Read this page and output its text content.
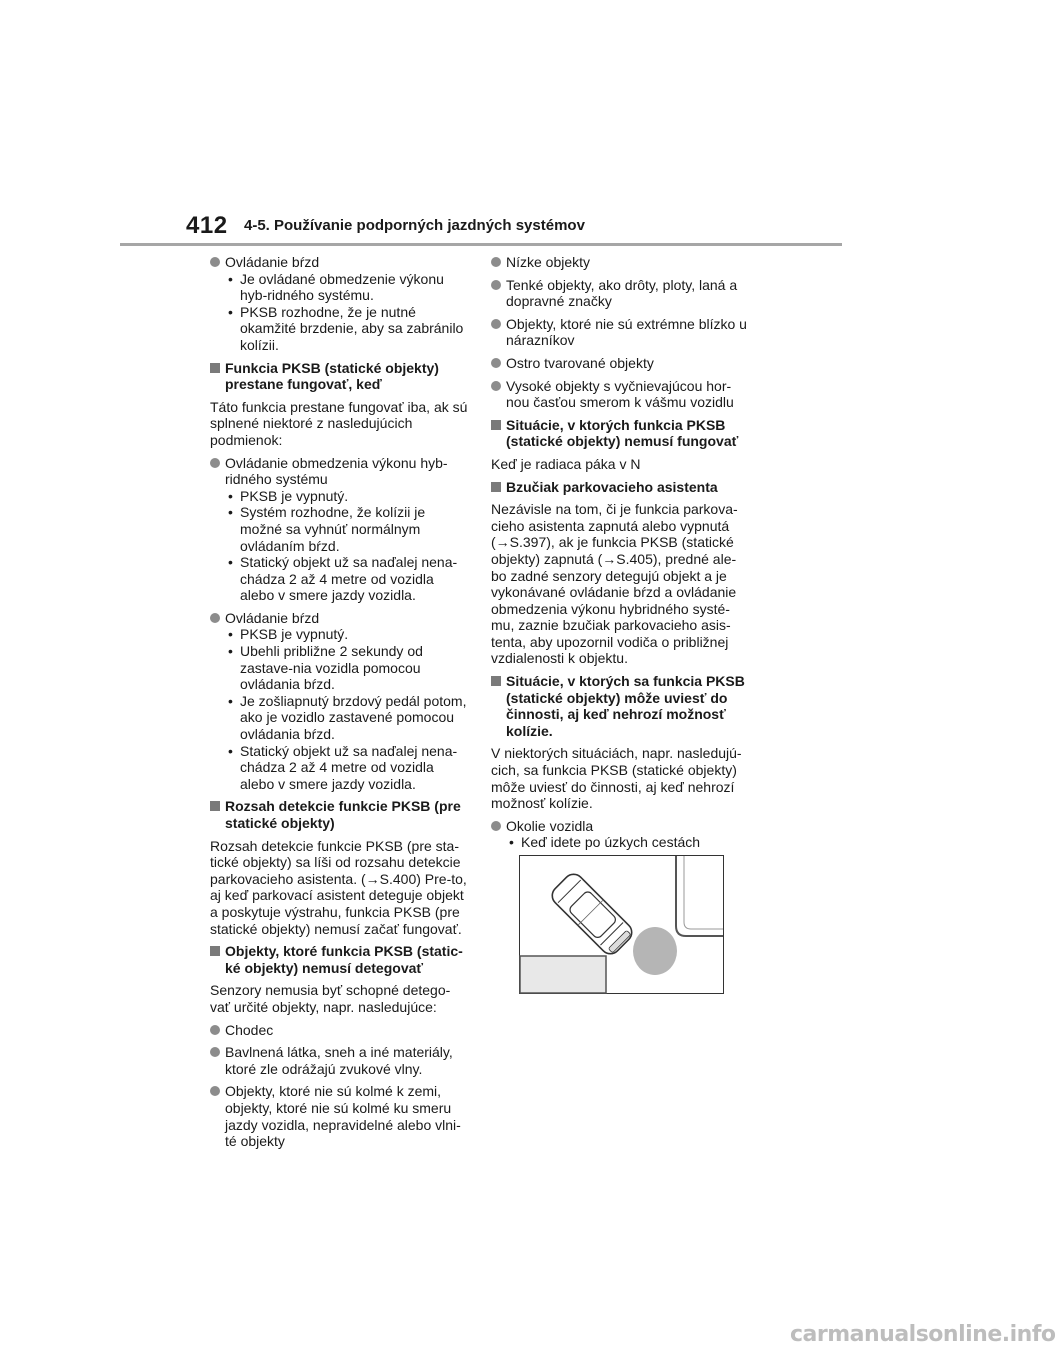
412 4-5. Používanie podporných jazdných systémov
Ovládanie bŕzd
• Je ovládané obmedzenie výkonu hyb-ridného systému.
• PKSB rozhodne, že je nutné okamžité brzdenie, aby sa zabránilo kolízii.
Funkcia PKSB (statické objekty) prestane fungovať, keď
Táto funkcia prestane fungovať iba, ak sú splnené niektoré z nasledujúcich podmienok:
Ovládanie obmedzenia výkonu hyb-ridného systému
• PKSB je vypnutý.
• Systém rozhodne, že kolízii je možné sa vyhnúť normálnym ovládaním bŕzd.
• Statický objekt už sa naďalej nena-chádza 2 až 4 metre od vozidla alebo v smere jazdy vozidla.
Ovládanie bŕzd
• PKSB je vypnutý.
• Ubehli približne 2 sekundy od zastave-nia vozidla pomocou ovládania bŕzd.
• Je zošliapnutý brzdový pedál potom, ako je vozidlo zastavené pomocou ovládania bŕzd.
• Statický objekt už sa naďalej nena-chádza 2 až 4 metre od vozidla alebo v smere jazdy vozidla.
Rozsah detekcie funkcie PKSB (pre statické objekty)
Rozsah detekcie funkcie PKSB (pre sta-tické objekty) sa líši od rozsahu detekcie parkovacieho asistenta. (→S.400) Pre-to, aj keď parkovací asistent deteguje objekt a poskytuje výstrahu, funkcia PKSB (pre statické objekty) nemusí začať fungovať.
Objekty, ktoré funkcia PKSB (static-ké objekty) nemusí detegovať
Senzory nemusia byť schopné detego-vať určité objekty, napr. nasledujúce:
Chodec
Bavlnená látka, sneh a iné materiály, ktoré zle odrážajú zvukové vlny.
Objekty, ktoré nie sú kolmé k zemi, objekty, ktoré nie sú kolmé ku smeru jazdy vozidla, nepravidelné alebo vlni-té objekty
Nízke objekty
Tenké objekty, ako drôty, ploty, laná a dopravné značky
Objekty, ktoré nie sú extrémne blízko u nárazníkov
Ostro tvarované objekty
Vysoké objekty s vyčnievajúcou hor-nou časťou smerom k vášmu vozidlu
Situácie, v ktorých funkcia PKSB (statické objekty) nemusí fungovať
Keď je radiaca páka v N
Bzučiak parkovacieho asistenta
Nezávisle na tom, či je funkcia parkova-cieho asistenta zapnutá alebo vypnutá (→S.397), ak je funkcia PKSB (statické objekty) zapnutá (→S.405), predné ale-bo zadné senzory detegujú objekt a je vykonávané ovládanie bŕzd a ovládanie obmedzenia výkonu hybridného systé-mu, zaznie bzučiak parkovacieho asis-tenta, aby upozornil vodiča o približnej vzdialenosti k objektu.
Situácie, v ktorých sa funkcia PKSB (statické objekty) môže uviesť do činnosti, aj keď nehrozí možnosť kolízie.
V niektorých situáciách, napr. nasledujú-cich, sa funkcia PKSB (statické objekty) môže uviesť do činnosti, aj keď nehrozí možnosť kolízie.
Okolie vozidla
• Keď idete po úzkych cestách
carmanualsonline.info
